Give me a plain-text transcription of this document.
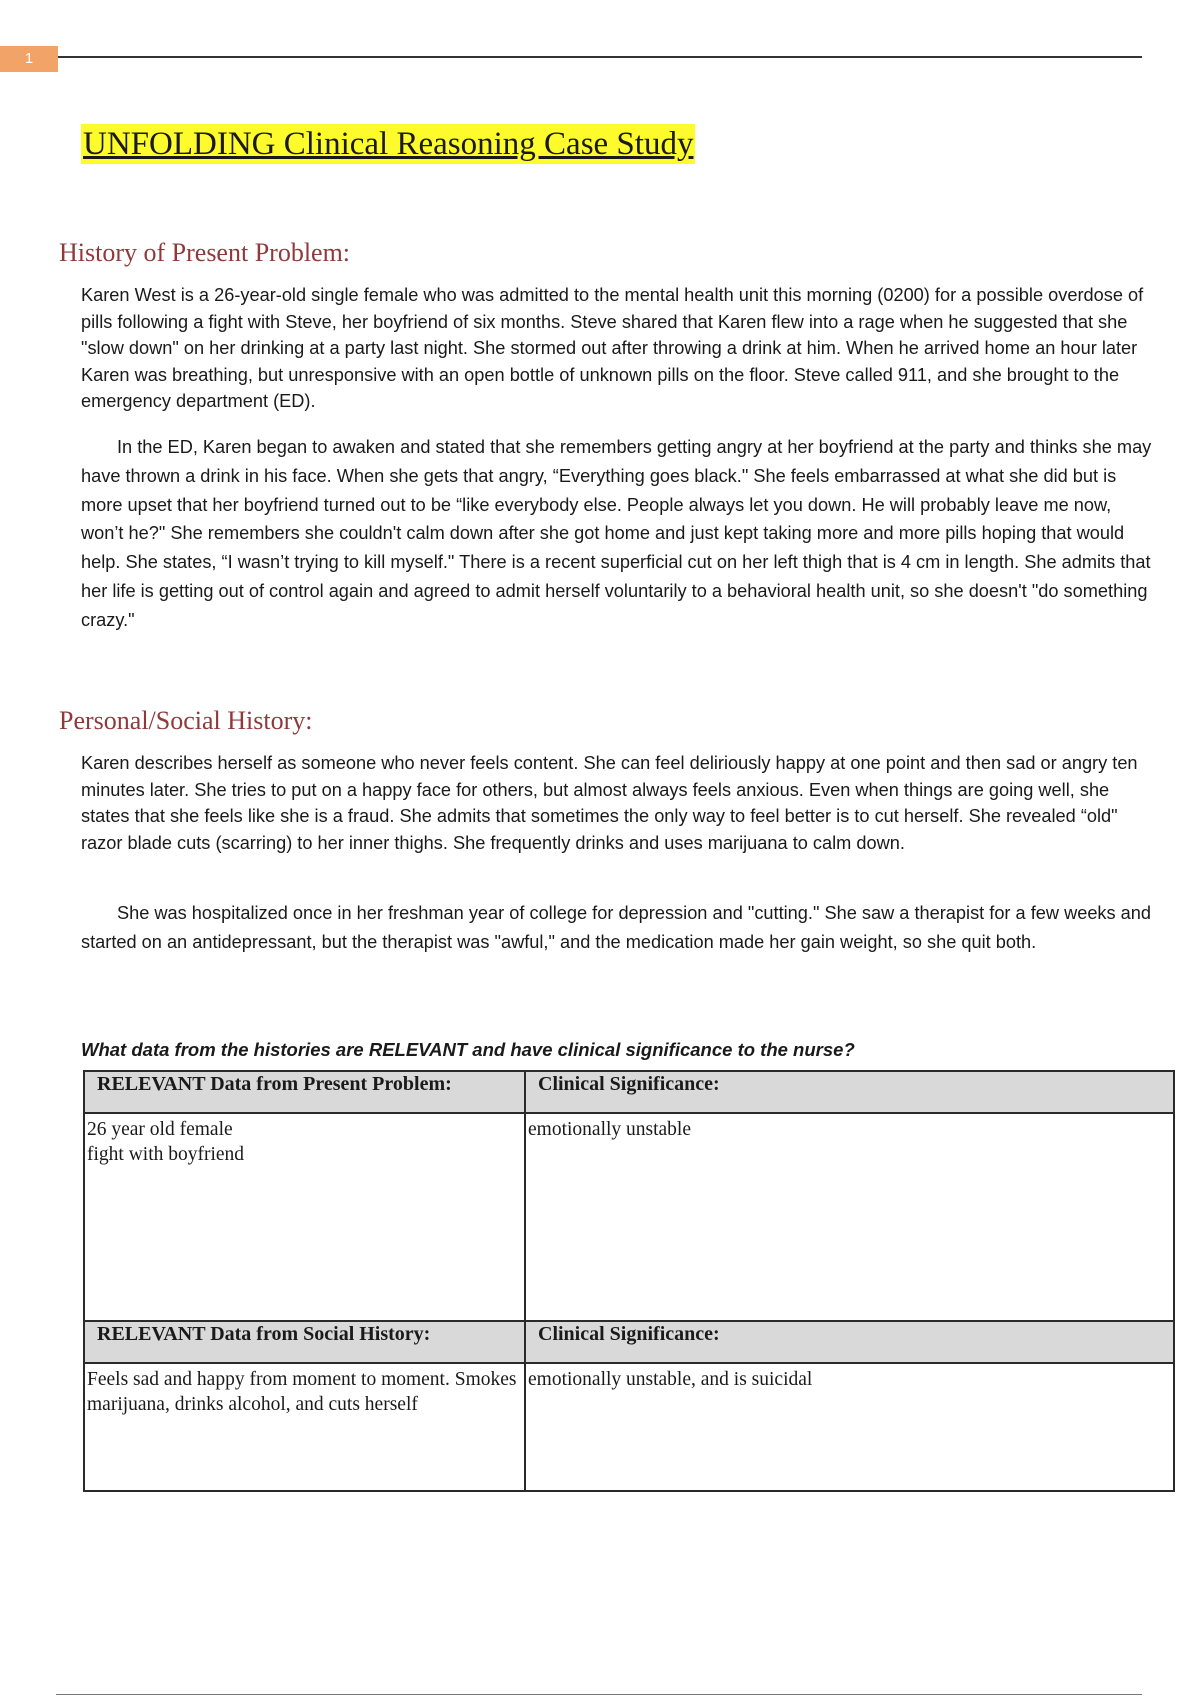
1
UNFOLDING Clinical Reasoning Case Study
History of Present Problem:

Karen West is a 26-year-old single female who was admitted to the mental health unit this morning (0200) for a possible overdose of pills following a fight with Steve, her boyfriend of six months. Steve shared that Karen flew into a rage when he suggested that she "slow down" on her drinking at a party last night. She stormed out after throwing a drink at him. When he arrived home an hour later Karen was breathing, but unresponsive with an open bottle of unknown pills on the floor. Steve called 911, and she brought to the emergency department (ED).

In the ED, Karen began to awaken and stated that she remembers getting angry at her boyfriend at the party and thinks she may have thrown a drink in his face. When she gets that angry, “Everything goes black." She feels embarrassed at what she did but is more upset that her boyfriend turned out to be “like everybody else. People always let you down. He will probably leave me now, won’t he?" She remembers she couldn't calm down after she got home and just kept taking more and more pills hoping that would help. She states, “I wasn’t trying to kill myself." There is a recent superficial cut on her left thigh that is 4 cm in length. She admits that her life is getting out of control again and agreed to admit herself voluntarily to a behavioral health unit, so she doesn't "do something crazy."

Personal/Social History:

Karen describes herself as someone who never feels content. She can feel deliriously happy at one point and then sad or angry ten minutes later. She tries to put on a happy face for others, but almost always feels anxious. Even when things are going well, she states that she feels like she is a fraud. She admits that sometimes the only way to feel better is to cut herself. She revealed “old" razor blade cuts (scarring) to her inner thighs. She frequently drinks and uses marijuana to calm down.

She was hospitalized once in her freshman year of college for depression and "cutting." She saw a therapist for a few weeks and started on an antidepressant, but the therapist was "awful," and the medication made her gain weight, so she quit both.

What data from the histories are RELEVANT and have clinical significance to the nurse?
RELEVANT Data from Present Problem:	Clinical Significance:

26 year old female
fight with boyfriend	emotionally unstable
RELEVANT Data from Social History:	Clinical Significance:
Feels sad and happy from moment to moment. Smokes marijuana, drinks alcohol, and cuts herself	emotionally unstable, and is suicidal
